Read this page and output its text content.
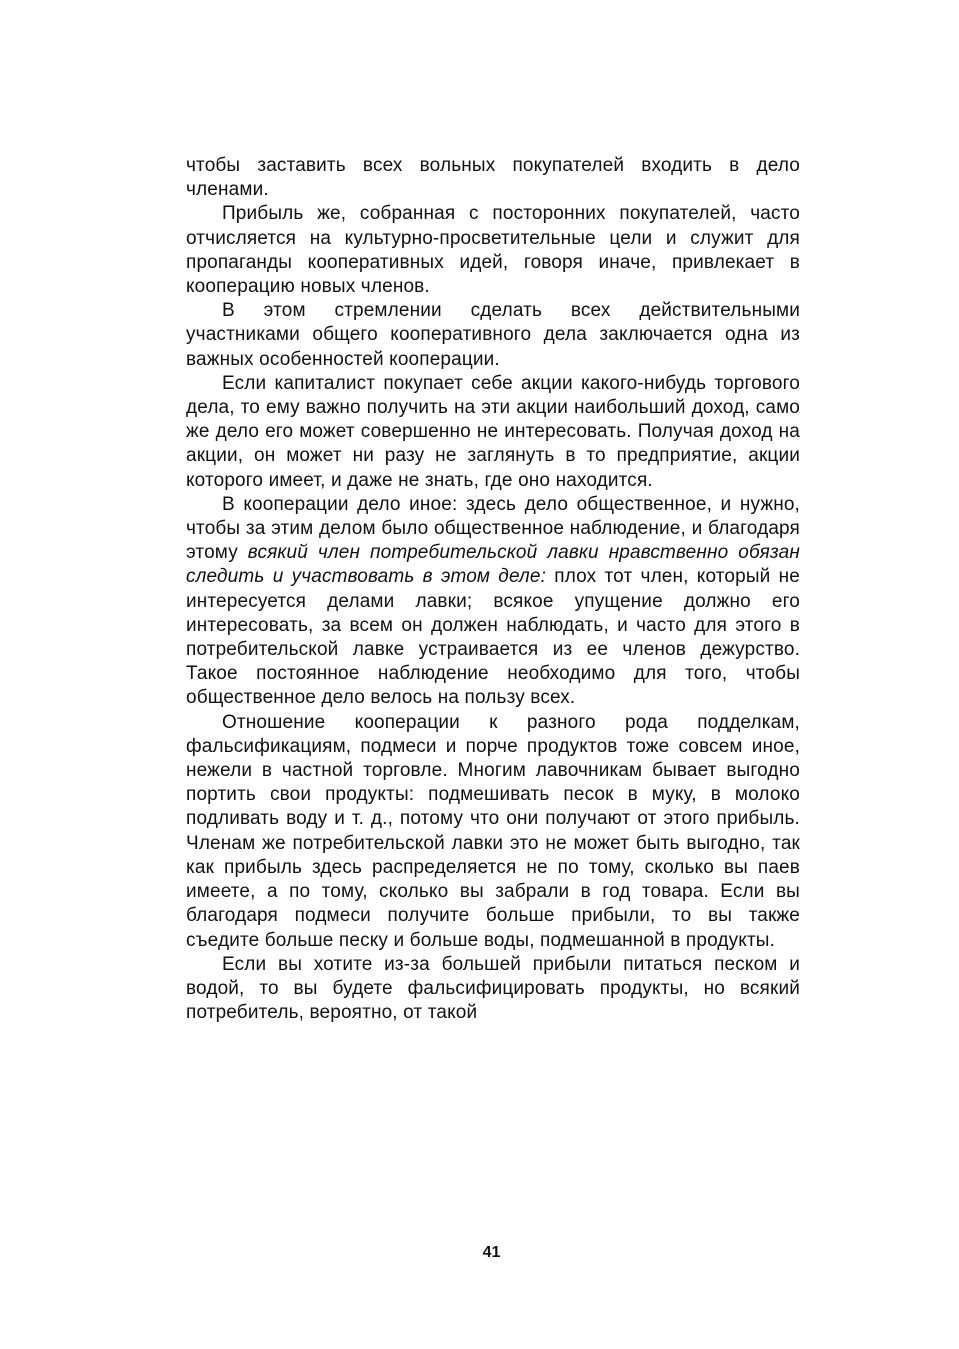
чтобы заставить всех вольных покупателей входить в дело членами.

Прибыль же, собранная с посторонних покупателей, часто отчисляется на культурно-просветительные цели и служит для пропаганды кооперативных идей, говоря иначе, привлекает в кооперацию новых членов.

В этом стремлении сделать всех действительными участниками общего кооперативного дела заключается одна из важных особенностей кооперации.

Если капиталист покупает себе акции какого-нибудь торгового дела, то ему важно получить на эти акции наибольший доход, само же дело его может совершенно не интересовать. Получая доход на акции, он может ни разу не заглянуть в то предприятие, акции которого имеет, и даже не знать, где оно находится.

В кооперации дело иное: здесь дело общественное, и нужно, чтобы за этим делом было общественное наблюдение, и благодаря этому всякий член потребительской лавки нравственно обязан следить и участвовать в этом деле: плох тот член, который не интересуется делами лавки; всякое упущение должно его интересовать, за всем он должен наблюдать, и часто для этого в потребительской лавке устраивается из ее членов дежурство. Такое постоянное наблюдение необходимо для того, чтобы общественное дело велось на пользу всех.

Отношение кооперации к разного рода подделкам, фальсификациям, подмеси и порче продуктов тоже совсем иное, нежели в частной торговле. Многим лавочникам бывает выгодно портить свои продукты: подмешивать песок в муку, в молоко подливать воду и т. д., потому что они получают от этого прибыль. Членам же потребительской лавки это не может быть выгодно, так как прибыль здесь распределяется не по тому, сколько вы паев имеете, а по тому, сколько вы забрали в год товара. Если вы благодаря подмеси получите больше прибыли, то вы также съедите больше песку и больше воды, подмешанной в продукты.

Если вы хотите из-за большей прибыли питаться песком и водой, то вы будете фальсифицировать продукты, но всякий потребитель, вероятно, от такой

41
